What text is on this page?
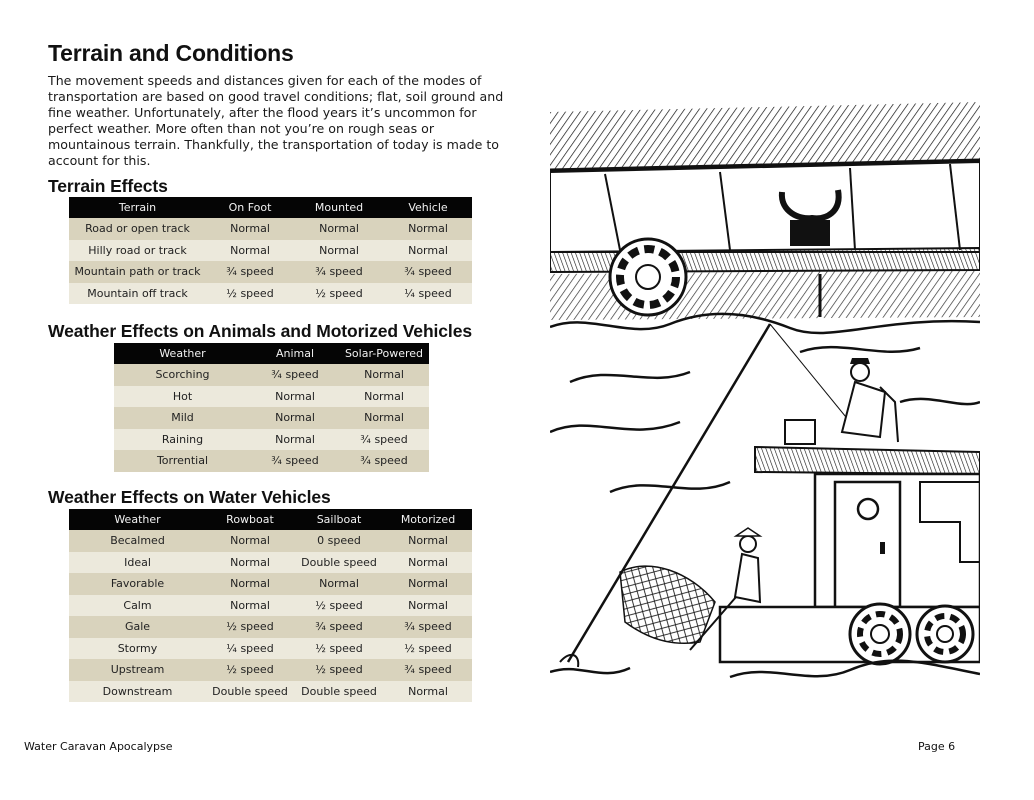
Terrain and Conditions

The movement speeds and distances given for each of the modes of transportation are based on good travel conditions; flat, soil ground and fine weather. Unfortunately, after the flood years it’s uncommon for perfect weather. More often than not you’re on rough seas or mountainous terrain. Thankfully, the transportation of today is made to account for this.

Terrain Effects
Terrain	On Foot	Mounted	Vehicle
Road or open track	Normal	Normal	Normal
Hilly road or track	Normal	Normal	Normal
Mountain path or track	¾ speed	¾ speed	¾ speed
Mountain off track	½ speed	½ speed	¼ speed
Weather Effects on Animals and Motorized Vehicles
Weather	Animal	Solar-Powered
Scorching	¾ speed	Normal
Hot	Normal	Normal
Mild	Normal	Normal
Raining	Normal	¾ speed
Torrential	¾ speed	¾ speed
Weather Effects on Water Vehicles
Weather	Rowboat	Sailboat	Motorized
Becalmed	Normal	0 speed	Normal
Ideal	Normal	Double speed	Normal
Favorable	Normal	Normal	Normal
Calm	Normal	½ speed	Normal
Gale	½ speed	¾ speed	¾ speed
Stormy	¼ speed	½ speed	½ speed
Upstream	½ speed	½ speed	¾ speed
Downstream	Double speed	Double speed	Normal
Water Caravan Apocalypse	Page 6
